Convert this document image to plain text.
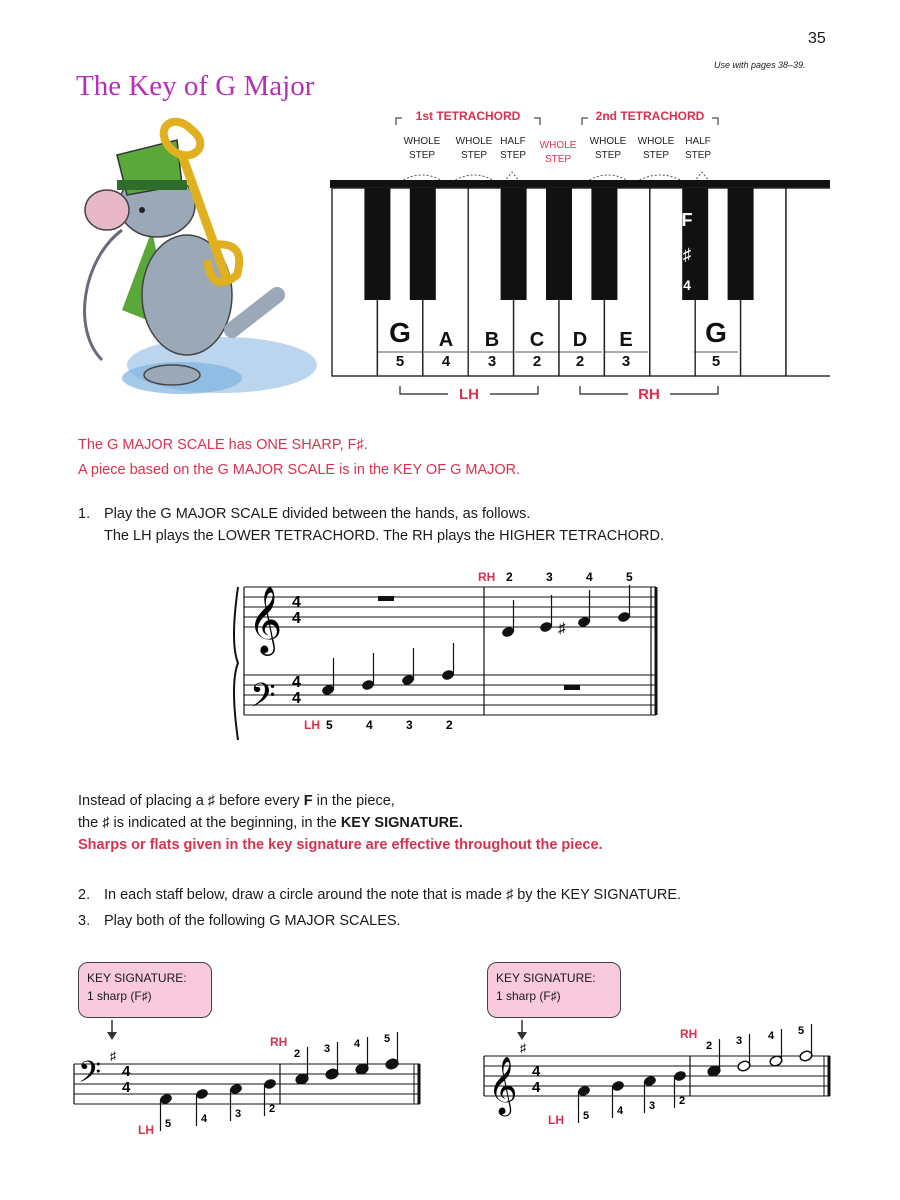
35
Use with pages 38–39.
The Key of G Major
1st TETRACHORD	2nd TETRACHORD
WHOLE
STEP
WHOLE
STEP
HALF
STEP
WHOLE
STEP
WHOLE
STEP
WHOLE
STEP
HALF
STEP
G
5
A
4
B
3
C
2
D
2
E
3
G
5
F
♯
4
LH	RH
The G MAJOR SCALE has ONE SHARP, F♯.
A piece based on the G MAJOR SCALE is in the KEY OF G MAJOR.
1. Play the G MAJOR SCALE divided between the hands, as follows.
The LH plays the LOWER TETRACHORD. The RH plays the HIGHER TETRACHORD.
𝄞
𝄢
4
4
4
4
♯
RH 2	3	4	5
LH 5	4	3	2
Instead of placing a ♯ before every F in the piece,
the ♯ is indicated at the beginning, in the KEY SIGNATURE.
Sharps or flats given in the key signature are effective throughout the piece.
2. In each staff below, draw a circle around the note that is made ♯ by the KEY SIGNATURE.
3. Play both of the following G MAJOR SCALES.
KEY SIGNATURE:
1 sharp (F♯)
KEY SIGNATURE:
1 sharp (F♯)
𝄢 ♯
4
4
RH
LH 5	4	3	2
2 3 4 5
𝄞
♯
4
4
RH
LH 5	4 3 2
2 3 4 5
